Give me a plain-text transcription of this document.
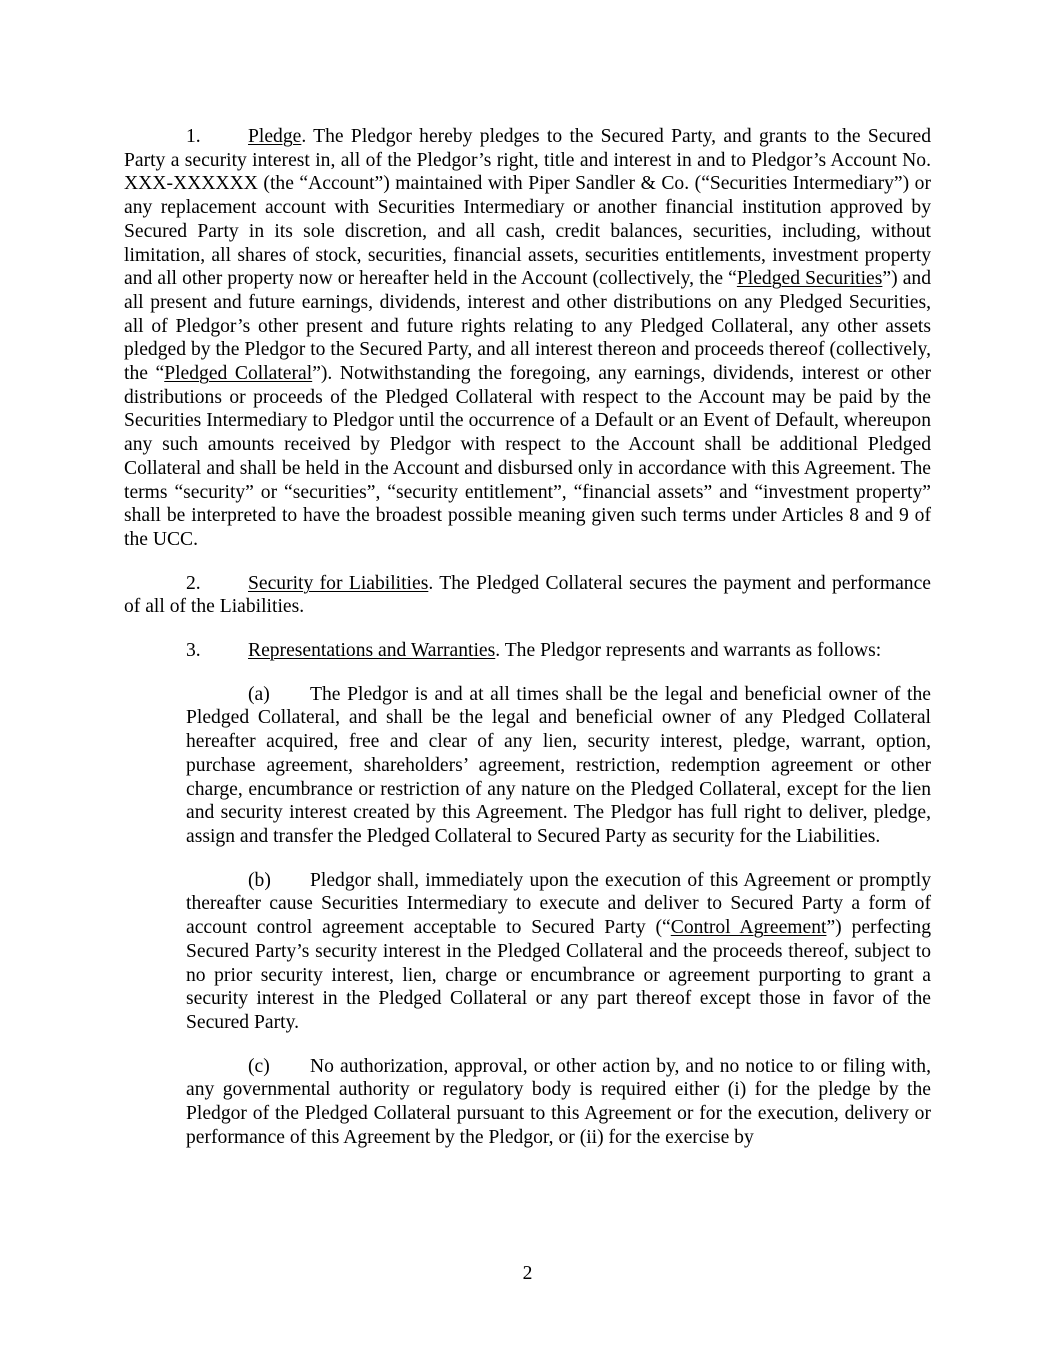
1. Pledge. The Pledgor hereby pledges to the Secured Party, and grants to the Secured Party a security interest in, all of the Pledgor’s right, title and interest in and to Pledgor’s Account No. XXX-XXXXXX (the “Account”) maintained with Piper Sandler & Co. (“Securities Intermediary”) or any replacement account with Securities Intermediary or another financial institution approved by Secured Party in its sole discretion, and all cash, credit balances, securities, including, without limitation, all shares of stock, securities, financial assets, securities entitlements, investment property and all other property now or hereafter held in the Account (collectively, the “Pledged Securities”) and all present and future earnings, dividends, interest and other distributions on any Pledged Securities, all of Pledgor’s other present and future rights relating to any Pledged Collateral, any other assets pledged by the Pledgor to the Secured Party, and all interest thereon and proceeds thereof (collectively, the “Pledged Collateral”). Notwithstanding the foregoing, any earnings, dividends, interest or other distributions or proceeds of the Pledged Collateral with respect to the Account may be paid by the Securities Intermediary to Pledgor until the occurrence of a Default or an Event of Default, whereupon any such amounts received by Pledgor with respect to the Account shall be additional Pledged Collateral and shall be held in the Account and disbursed only in accordance with this Agreement. The terms “security” or “securities”, “security entitlement”, “financial assets” and “investment property” shall be interpreted to have the broadest possible meaning given such terms under Articles 8 and 9 of the UCC.

2. Security for Liabilities. The Pledged Collateral secures the payment and performance of all of the Liabilities.

3. Representations and Warranties. The Pledgor represents and warrants as follows:

(a) The Pledgor is and at all times shall be the legal and beneficial owner of the Pledged Collateral, and shall be the legal and beneficial owner of any Pledged Collateral hereafter acquired, free and clear of any lien, security interest, pledge, warrant, option, purchase agreement, shareholders’ agreement, restriction, redemption agreement or other charge, encumbrance or restriction of any nature on the Pledged Collateral, except for the lien and security interest created by this Agreement. The Pledgor has full right to deliver, pledge, assign and transfer the Pledged Collateral to Secured Party as security for the Liabilities.

(b) Pledgor shall, immediately upon the execution of this Agreement or promptly thereafter cause Securities Intermediary to execute and deliver to Secured Party a form of account control agreement acceptable to Secured Party (“Control Agreement”) perfecting Secured Party’s security interest in the Pledged Collateral and the proceeds thereof, subject to no prior security interest, lien, charge or encumbrance or agreement purporting to grant a security interest in the Pledged Collateral or any part thereof except those in favor of the Secured Party.

(c) No authorization, approval, or other action by, and no notice to or filing with, any governmental authority or regulatory body is required either (i) for the pledge by the Pledgor of the Pledged Collateral pursuant to this Agreement or for the execution, delivery or performance of this Agreement by the Pledgor, or (ii) for the exercise by

2
